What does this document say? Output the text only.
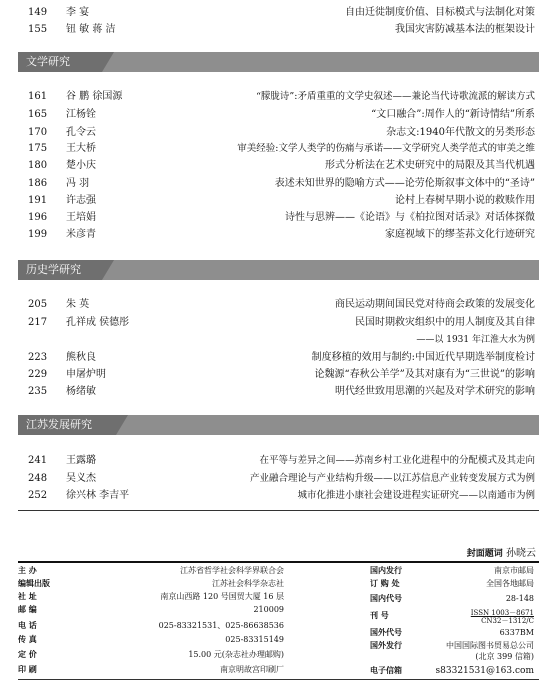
149	李 宴	自由迁徙制度价值、目标模式与法制化对策
155	钮 敏 蒋 洁	我国灾害防减基本法的框架设计
文学研究
161	谷 鹏 徐国源	“朦胧诗”:矛盾重重的文学史叙述——兼论当代诗歌流派的解读方式
165	江杨铨	“文口融合”:周作人的“新诗情结”所系
170	孔令云	杂志文:1940年代散文的另类形态
175	王大桥	审美经验:文学人类学的伤痛与承诺——文学研究人类学范式的审美之维
180	楚小庆	形式分析法在艺术史研究中的局限及其当代机遇
186	冯 羽	表述未知世界的隐喻方式——论劳伦斯叙事文体中的“圣诗”
191	许志强	论村上春树早期小说的救赎作用
196	王培娟	诗性与思辨——《论语》与《柏拉图对话录》对话体探微
199	米彦青	家庭视域下的缪荃荪文化行迹研究
历史学研究
205	朱 英	商民运动期间国民党对待商会政策的发展变化
217	孔祥成 侯德彤	民国时期救灾组织中的用人制度及其自律
——以 1931 年江淮大水为例
223	熊秋良	制度移植的效用与制约:中国近代早期选举制度检讨
229	申屠炉明	论魏源“春秋公羊学”及其对康有为“三世说”的影响
235	杨绪敏	明代经世致用思潮的兴起及对学术研究的影响
江苏发展研究
241	王露璐	在平等与差异之间——苏南乡村工业化进程中的分配模式及其走向
248	吴义杰	产业融合理论与产业结构升级——以江苏信息产业转变发展方式为例
252	徐兴林 李吉平	城市化推进小康社会建设进程实证研究——以南通市为例
封面题词 孙晓云
主 办	江苏省哲学社会科学界联合会
编辑出版	江苏社会科学杂志社
社 址	南京山西路 120 号国贸大厦 16 层
邮 编	210009
电 话	025-83321531、025-86638536
传 真	025-83315149
定 价	15.00 元(杂志社办理邮购)
印 刷	南京明故宫印刷厂
国内发行	南京市邮局
订 购 处	全国各地邮局
国内代号	28-148
刊 号	ISSN 1003－8671
CN32－1312/C
国外代号	6337BM
国外发行	中国国际图书贸易总公司
(北京 399 信箱)
电子信箱	s83321531@163.com
